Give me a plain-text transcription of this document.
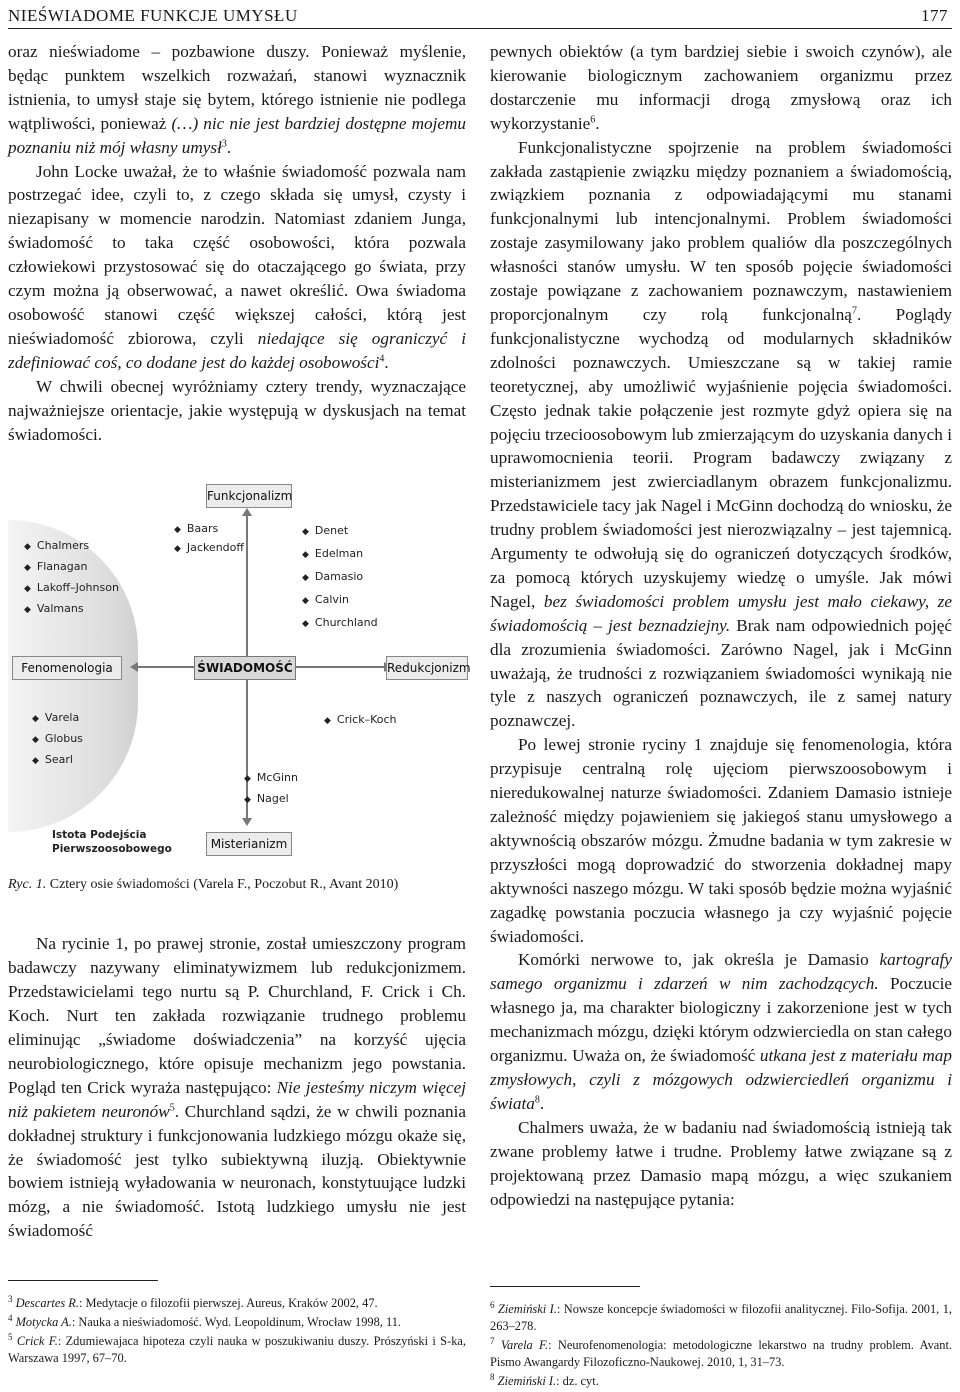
NIEŚWIADOME FUNKCJE UMYSŁU	177

oraz nieświadome – pozbawione duszy. Ponieważ myślenie, będąc punktem wszelkich rozważań, stanowi wyznacznik istnienia, to umysł staje się bytem, którego istnienie nie podlega wątpliwości, ponieważ (…) nic nie jest bardziej dostępne mojemu poznaniu niż mój własny umysł$^3$.

John Locke uważał, że to właśnie świadomość pozwala nam postrzegać idee, czyli to, z czego składa się umysł, czysty i niezapisany w momencie narodzin. Natomiast zdaniem Junga, świadomość to taka część osobowości, która pozwala człowiekowi przystosować się do otaczającego go świata, przy czym można ją obserwować, a nawet określić. Owa świadoma osobowość stanowi część większej całości, którą jest nieświadomość zbiorowa, czyli niedające się ograniczyć i zdefiniować coś, co dodane jest do każdej osobowości$^4$.

W chwili obecnej wyróżniamy cztery trendy, wyznaczające najważniejsze orientacje, jakie występują w dyskusjach na temat świadomości.

Funkcjonalizm
ŚWIADOMOŚĆ
Fenomenologia	Redukcjonizm
Misterianizm
Istota Podejścia
Pierwszoosobowego
◆ Chalmers
◆ Flanagan
◆ Lakoff–Johnson
◆ Valmans
◆ Varela
◆ Globus
◆ Searl
◆ Baars
◆ Jackendoff
◆ Denet
◆ Edelman
◆ Damasio
◆ Calvin
◆ Churchland
◆ Crick–Koch
◆ McGinn
◆ Nagel
Ryc. 1. Cztery osie świadomości (Varela F., Poczobut R., Avant 2010)

Na rycinie 1, po prawej stronie, został umieszczony program badawczy nazywany eliminatywizmem lub redukcjonizmem. Przedstawicielami tego nurtu są P. Churchland, F. Crick i Ch. Koch. Nurt ten zakłada rozwiązanie trudnego problemu eliminując „świadome doświadczenia” na korzyść ujęcia neurobiologicznego, które opisuje mechanizm jego powstania. Pogląd ten Crick wyraża następująco: Nie jesteśmy niczym więcej niż pakietem neuronów$^5$. Churchland sądzi, że w chwili poznania dokładnej struktury i funkcjonowania ludzkiego mózgu okaże się, że świadomość jest tylko subiektywną iluzją. Obiektywnie bowiem istnieją wyładowania w neuronach, konstytuujące ludzki mózg, a nie świadomość. Istotą ludzkiego umysłu nie jest świadomość

pewnych obiektów (a tym bardziej siebie i swoich czynów), ale kierowanie biologicznym zachowaniem organizmu przez dostarczenie mu informacji drogą zmysłową oraz ich wykorzystanie$^6$.

Funkcjonalistyczne spojrzenie na problem świadomości zakłada zastąpienie związku między poznaniem a świadomością, związkiem poznania z odpowiadającymi mu stanami funkcjonalnymi lub intencjonalnymi. Problem świadomości zostaje zasymilowany jako problem qualiów dla poszczególnych własności stanów umysłu. W ten sposób pojęcie świadomości zostaje powiązane z zachowaniem poznawczym, nastawieniem proporcjonalnym czy rolą funkcjonalną$^7$. Poglądy funkcjonalistyczne wychodzą od modularnych składników zdolności poznawczych. Umieszczane są w takiej ramie teoretycznej, aby umożliwić wyjaśnienie pojęcia świadomości. Często jednak takie połączenie jest rozmyte gdyż opiera się na pojęciu trzecioosobowym lub zmierzającym do uzyskania danych i uprawomocnienia teorii. Program badawczy związany z misterianizmem jest zwierciadlanym obrazem funkcjonalizmu. Przedstawiciele tacy jak Nagel i McGinn dochodzą do wniosku, że trudny problem świadomości jest nierozwiązalny – jest tajemnicą. Argumenty te odwołują się do ograniczeń dotyczących środków, za pomocą których uzyskujemy wiedzę o umyśle. Jak mówi Nagel, bez świadomości problem umysłu jest mało ciekawy, ze świadomością – jest beznadziejny. Brak nam odpowiednich pojęć dla zrozumienia świadomości. Zarówno Nagel, jak i McGinn uważają, że trudności z rozwiązaniem świadomości wynikają nie tyle z naszych ograniczeń poznawczych, ile z samej natury poznawczej.

Po lewej stronie ryciny 1 znajduje się fenomenologia, która przypisuje centralną rolę ujęciom pierwszoosobowym i nieredukowalnej naturze świadomości. Zdaniem Damasio istnieje zależność między pojawieniem się jakiegoś stanu umysłowego a aktywnością obszarów mózgu. Żmudne badania w tym zakresie w przyszłości mogą doprowadzić do stworzenia dokładnej mapy aktywności naszego mózgu. W taki sposób będzie można wyjaśnić zagadkę powstania poczucia własnego ja czy wyjaśnić pojęcie świadomości.

Komórki nerwowe to, jak określa je Damasio kartografy samego organizmu i zdarzeń w nim zachodzących. Poczucie własnego ja, ma charakter biologiczny i zakorzenione jest w tych mechanizmach mózgu, dzięki którym odzwierciedla on stan całego organizmu. Uważa on, że świadomość utkana jest z materiału map zmysłowych, czyli z mózgowych odzwierciedleń organizmu i świata$^8$.

Chalmers uważa, że w badaniu nad świadomością istnieją tak zwane problemy łatwe i trudne. Problemy łatwe związane są z projektowaną przez Damasio mapą mózgu, a więc szukaniem odpowiedzi na następujące pytania:

$^3$ Descartes R.: Medytacje o filozofii pierwszej. Aureus, Kraków 2002, 47.

$^4$ Motycka A.: Nauka a nieświadomość. Wyd. Leopoldinum, Wrocław 1998, 11.

$^5$ Crick F.: Zdumiewajaca hipoteza czyli nauka w poszukiwaniu duszy. Prószyński i S-ka, Warszawa 1997, 67–70.

$^6$ Ziemiński I.: Nowsze koncepcje świadomości w filozofii analitycznej. Filo-Sofija. 2001, 1, 263–278.

$^7$ Varela F.: Neurofenomenologia: metodologiczne lekarstwo na trudny problem. Avant. Pismo Awangardy Filozoficzno-Naukowej. 2010, 1, 31–73.

$^8$ Ziemiński I.: dz. cyt.
